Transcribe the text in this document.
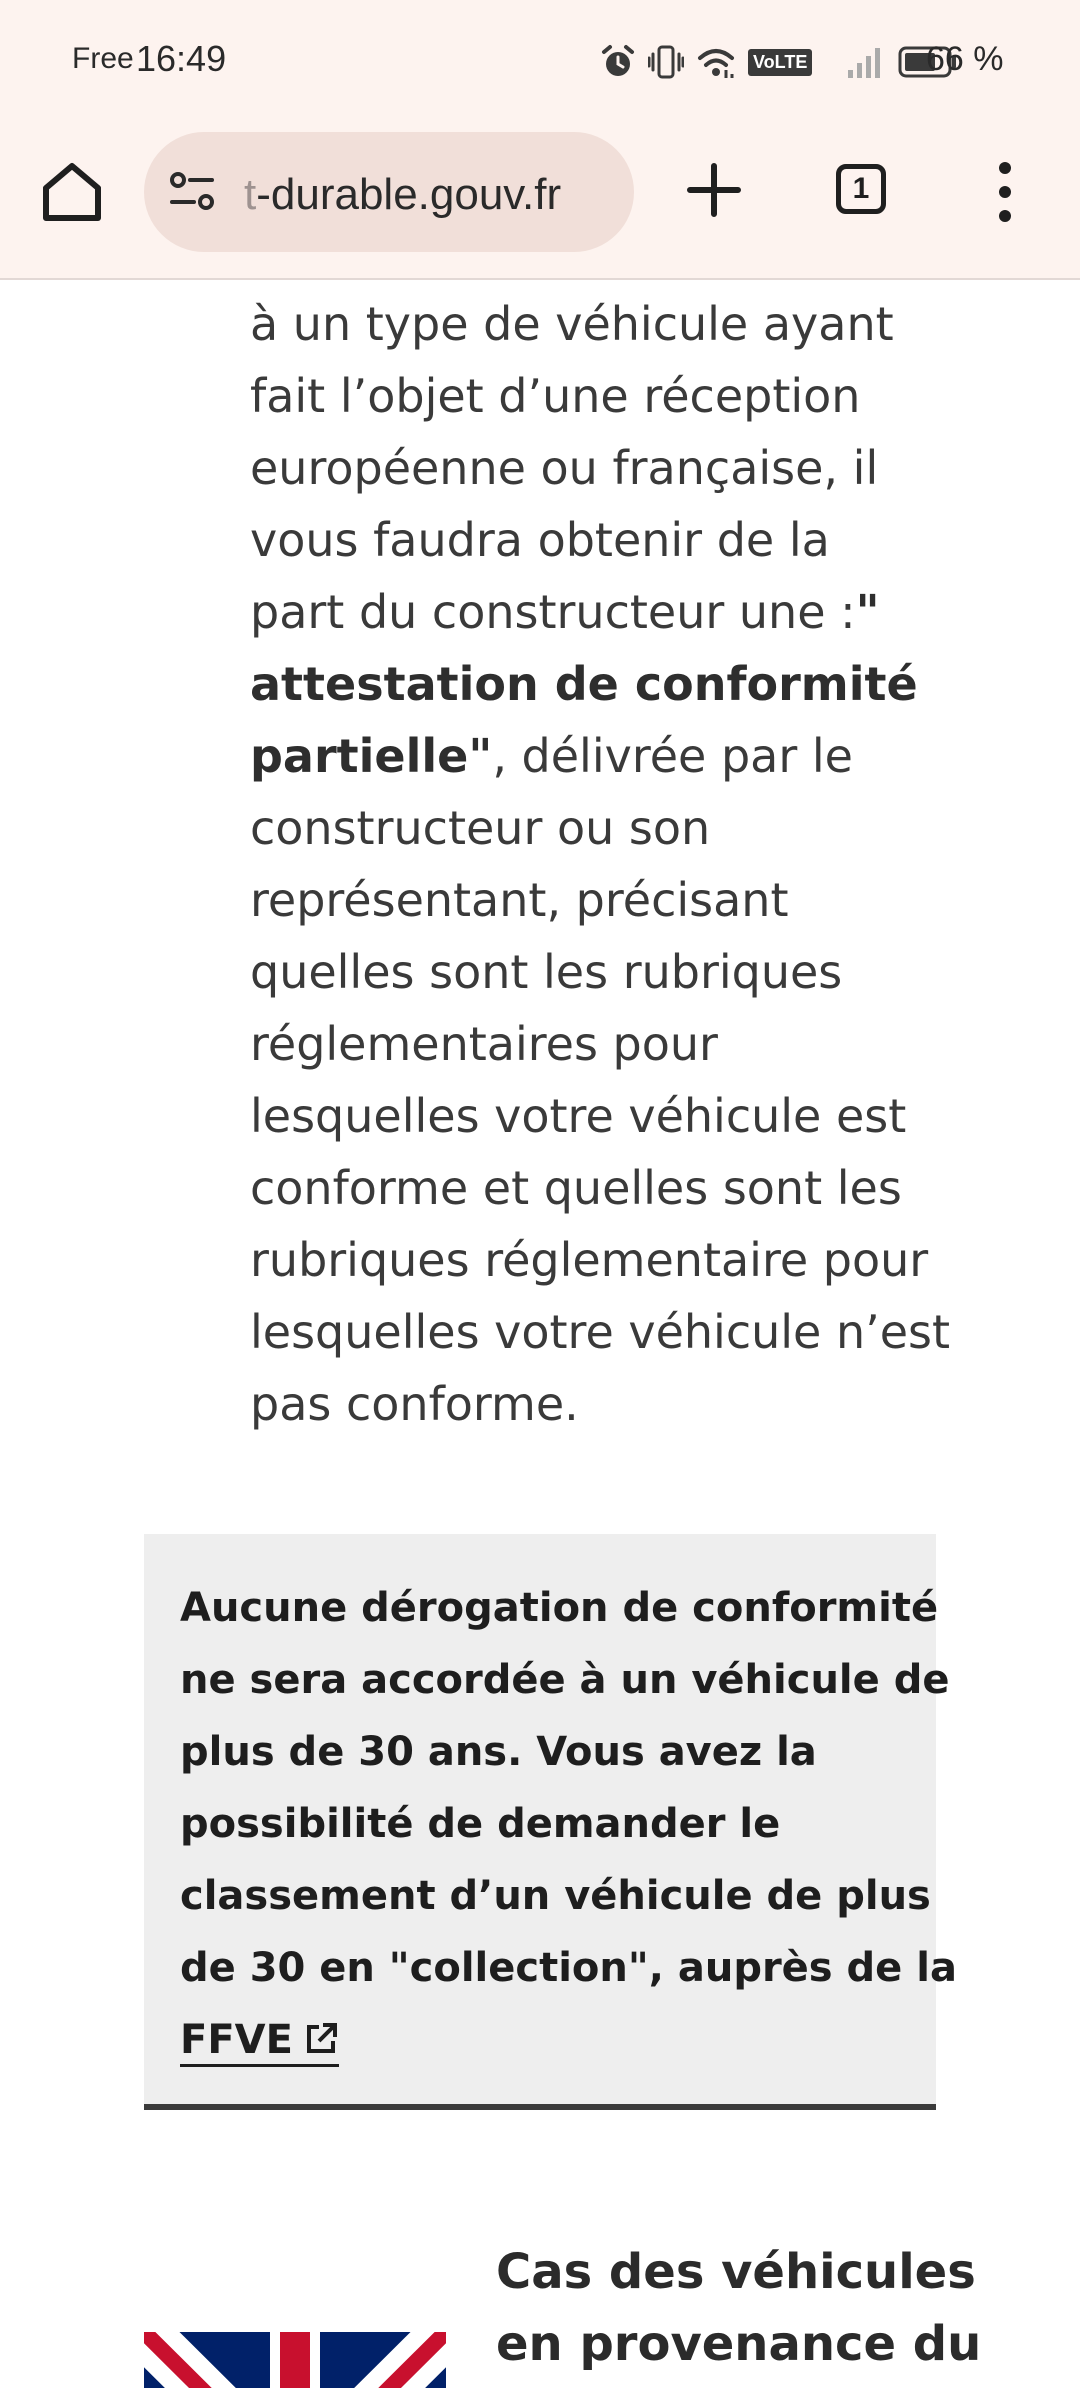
Free 16:49	VoLTE	66 %
t-durable.gouv.fr	1

à un type de véhicule ayant
fait l’objet d’une réception
européenne ou française, il
vous faudra obtenir de la
part du constructeur une :"
attestation de conformité
partielle", délivrée par le
constructeur ou son
représentant, précisant
quelles sont les rubriques
réglementaires pour
lesquelles votre véhicule est
conforme et quelles sont les
rubriques réglementaire pour
lesquelles votre véhicule n’est
pas conforme.

Aucune dérogation de conformité
ne sera accordée à un véhicule de
plus de 30 ans. Vous avez la
possibilité de demander le
classement d’un véhicule de plus
de 30 en "collection", auprès de la
FFVE

Cas des véhicules
en provenance du
